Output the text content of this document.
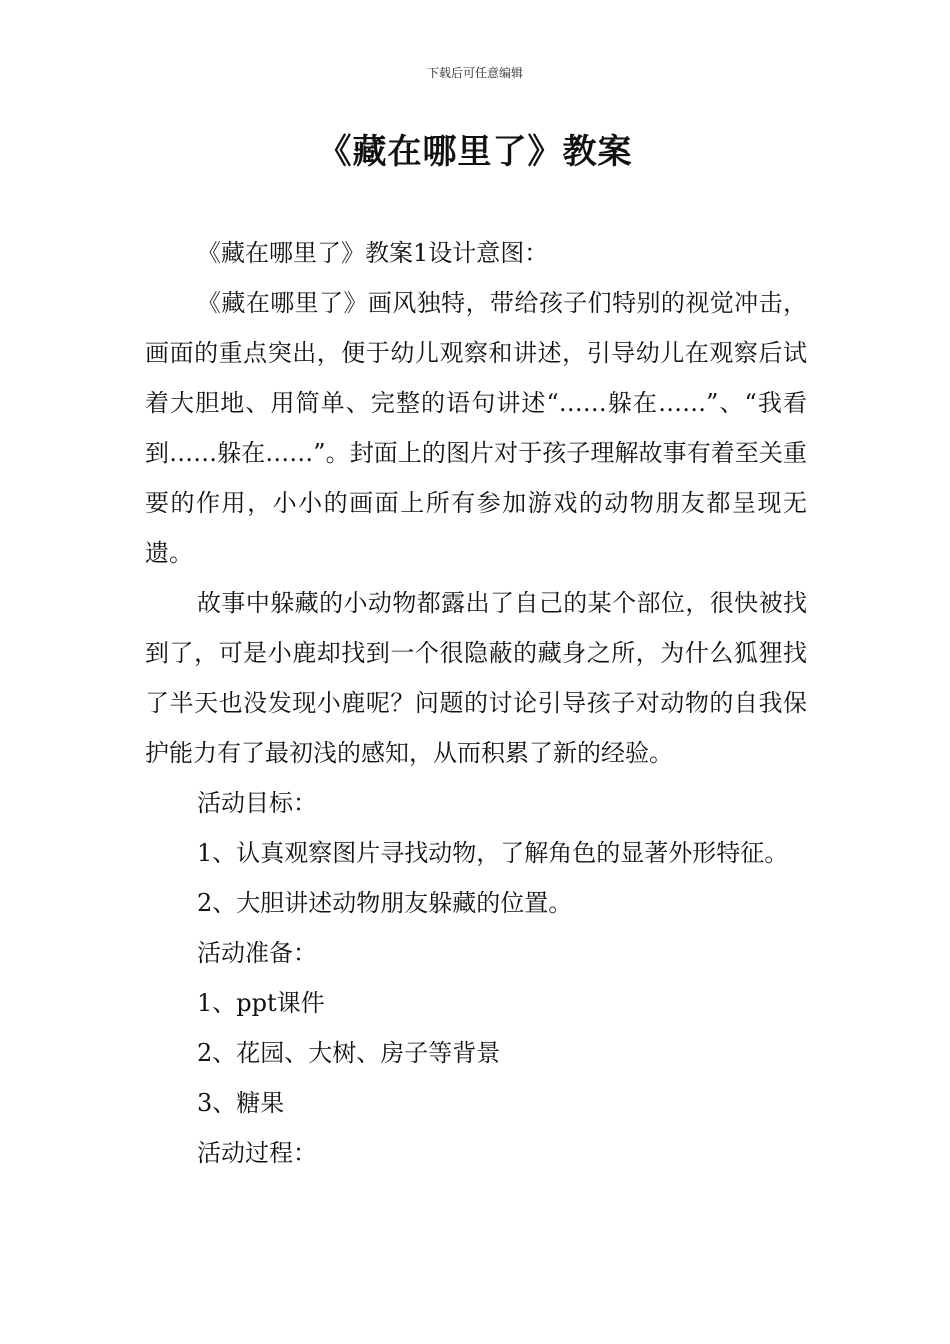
下载后可任意编辑
《藏在哪里了》教案

《藏在哪里了》教案1设计意图：

《藏在哪里了》画风独特，带给孩子们特别的视觉冲击，画面的重点突出，便于幼儿观察和讲述，引导幼儿在观察后试着大胆地、用简单、完整的语句讲述“……躲在……”、“我看到……躲在……”。封面上的图片对于孩子理解故事有着至关重要的作用，小小的画面上所有参加游戏的动物朋友都呈现无遗。

故事中躲藏的小动物都露出了自己的某个部位，很快被找到了，可是小鹿却找到一个很隐蔽的藏身之所，为什么狐狸找了半天也没发现小鹿呢？问题的讨论引导孩子对动物的自我保护能力有了最初浅的感知，从而积累了新的经验。

活动目标：

1、认真观察图片寻找动物，了解角色的显著外形特征。

2、大胆讲述动物朋友躲藏的位置。

活动准备：

1、ppt课件

2、花园、大树、房子等背景

3、糖果

活动过程：
